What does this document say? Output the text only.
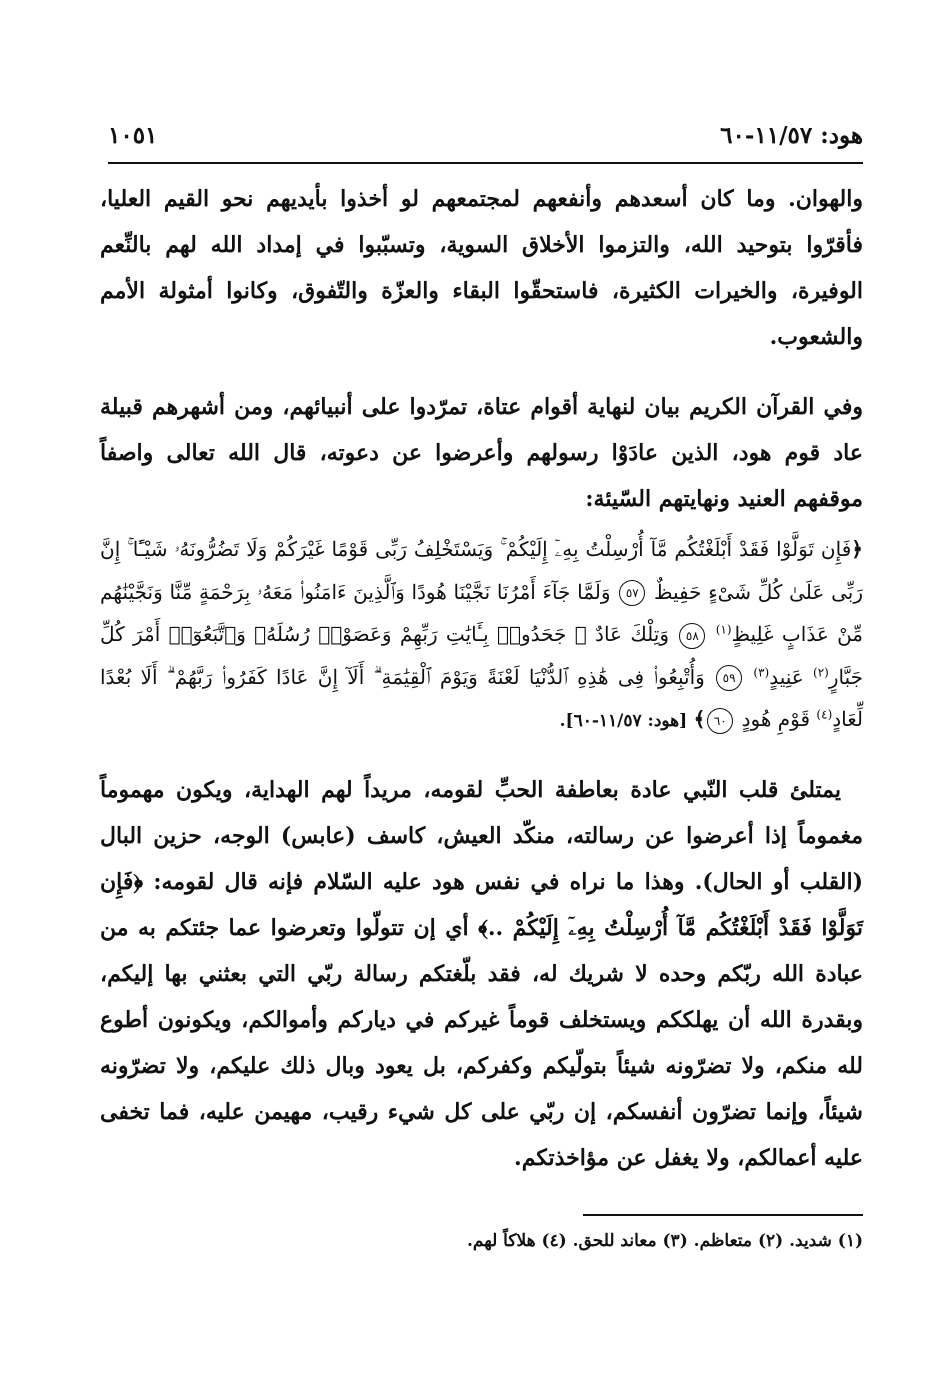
هود: ١١/٥٧-٦٠
١٠٥١

والهوان. وما كان أسعدهم وأنفعهم لمجتمعهم لو أخذوا بأيديهم نحو القيم العليا، فأقرّوا بتوحيد الله، والتزموا الأخلاق السوية، وتسبّبوا في إمداد الله لهم بالنِّعم الوفيرة، والخيرات الكثيرة، فاستحقّوا البقاء والعزّة والتّفوق، وكانوا أمثولة الأمم والشعوب.

وفي القرآن الكريم بيان لنهاية أقوام عتاة، تمرّدوا على أنبيائهم، ومن أشهرهم قبيلة عاد قوم هود، الذين عادَوْا رسولهم وأعرضوا عن دعوته، قال الله تعالى واصفاً موقفهم العنيد ونهايتهم السّيئة:

﴿فَإِن تَوَلَّوْا فَقَدْ أَبْلَغْتُكُم مَّآ أُرْسِلْتُ بِهِۦٓ إِلَيْكُمْ ۚ وَيَسْتَخْلِفُ رَبِّى قَوْمًا غَيْرَكُمْ وَلَا تَضُرُّونَهُۥ شَيْـًٔا ۚ إِنَّ رَبِّى عَلَىٰ كُلِّ شَىْءٍ حَفِيظٌ ٥٧ وَلَمَّا جَآءَ أَمْرُنَا نَجَّيْنَا هُودًا وَٱلَّذِينَ ءَامَنُوا۟ مَعَهُۥ بِرَحْمَةٍ مِّنَّا وَنَجَّيْنَٰهُم مِّنْ عَذَابٍ غَلِيظٍ$^{(١)}$ ٥٨ وَتِلْكَ عَادٌ ۖ جَحَدُوا۟ بِـَٔايَٰتِ رَبِّهِمْ وَعَصَوْا۟ رُسُلَهُۥ وَٱتَّبَعُوٓا۟ أَمْرَ كُلِّ جَبَّارٍ$^{(٢)}$ عَنِيدٍ$^{(٣)}$ ٥٩ وَأُتْبِعُوا۟ فِى هَٰذِهِ ٱلدُّنْيَا لَعْنَةً وَيَوْمَ ٱلْقِيَٰمَةِ ۗ أَلَآ إِنَّ عَادًا كَفَرُوا۟ رَبَّهُمْ ۗ أَلَا بُعْدًا لِّعَادٍ$^{(٤)}$ قَوْمِ هُودٍ ٦٠﴾ [هود: ١١/٥٧-٦٠].

يمتلئ قلب النّبي عادة بعاطفة الحبِّ لقومه، مريداً لهم الهداية، ويكون مهموماً مغموماً إذا أعرضوا عن رسالته، منكّد العيش، كاسف (عابس) الوجه، حزين البال (القلب أو الحال). وهذا ما نراه في نفس هود عليه السّلام فإنه قال لقومه: ﴿فَإِن تَوَلَّوْا فَقَدْ أَبْلَغْتُكُم مَّآ أُرْسِلْتُ بِهِۦٓ إِلَيْكُمْ ..﴾ أي إن تتولّوا وتعرضوا عما جئتكم به من عبادة الله ربّكم وحده لا شريك له، فقد بلّغتكم رسالة ربّي التي بعثني بها إليكم، وبقدرة الله أن يهلككم ويستخلف قوماً غيركم في دياركم وأموالكم، ويكونون أطوع لله منكم، ولا تضرّونه شيئاً بتولّيكم وكفركم، بل يعود وبال ذلك عليكم، ولا تضرّونه شيئاً، وإنما تضرّون أنفسكم، إن ربّي على كل شيء رقيب، مهيمن عليه، فما تخفى عليه أعمالكم، ولا يغفل عن مؤاخذتكم.

(١) شديد. (٢) متعاظم. (٣) معاند للحق. (٤) هلاكاً لهم.
